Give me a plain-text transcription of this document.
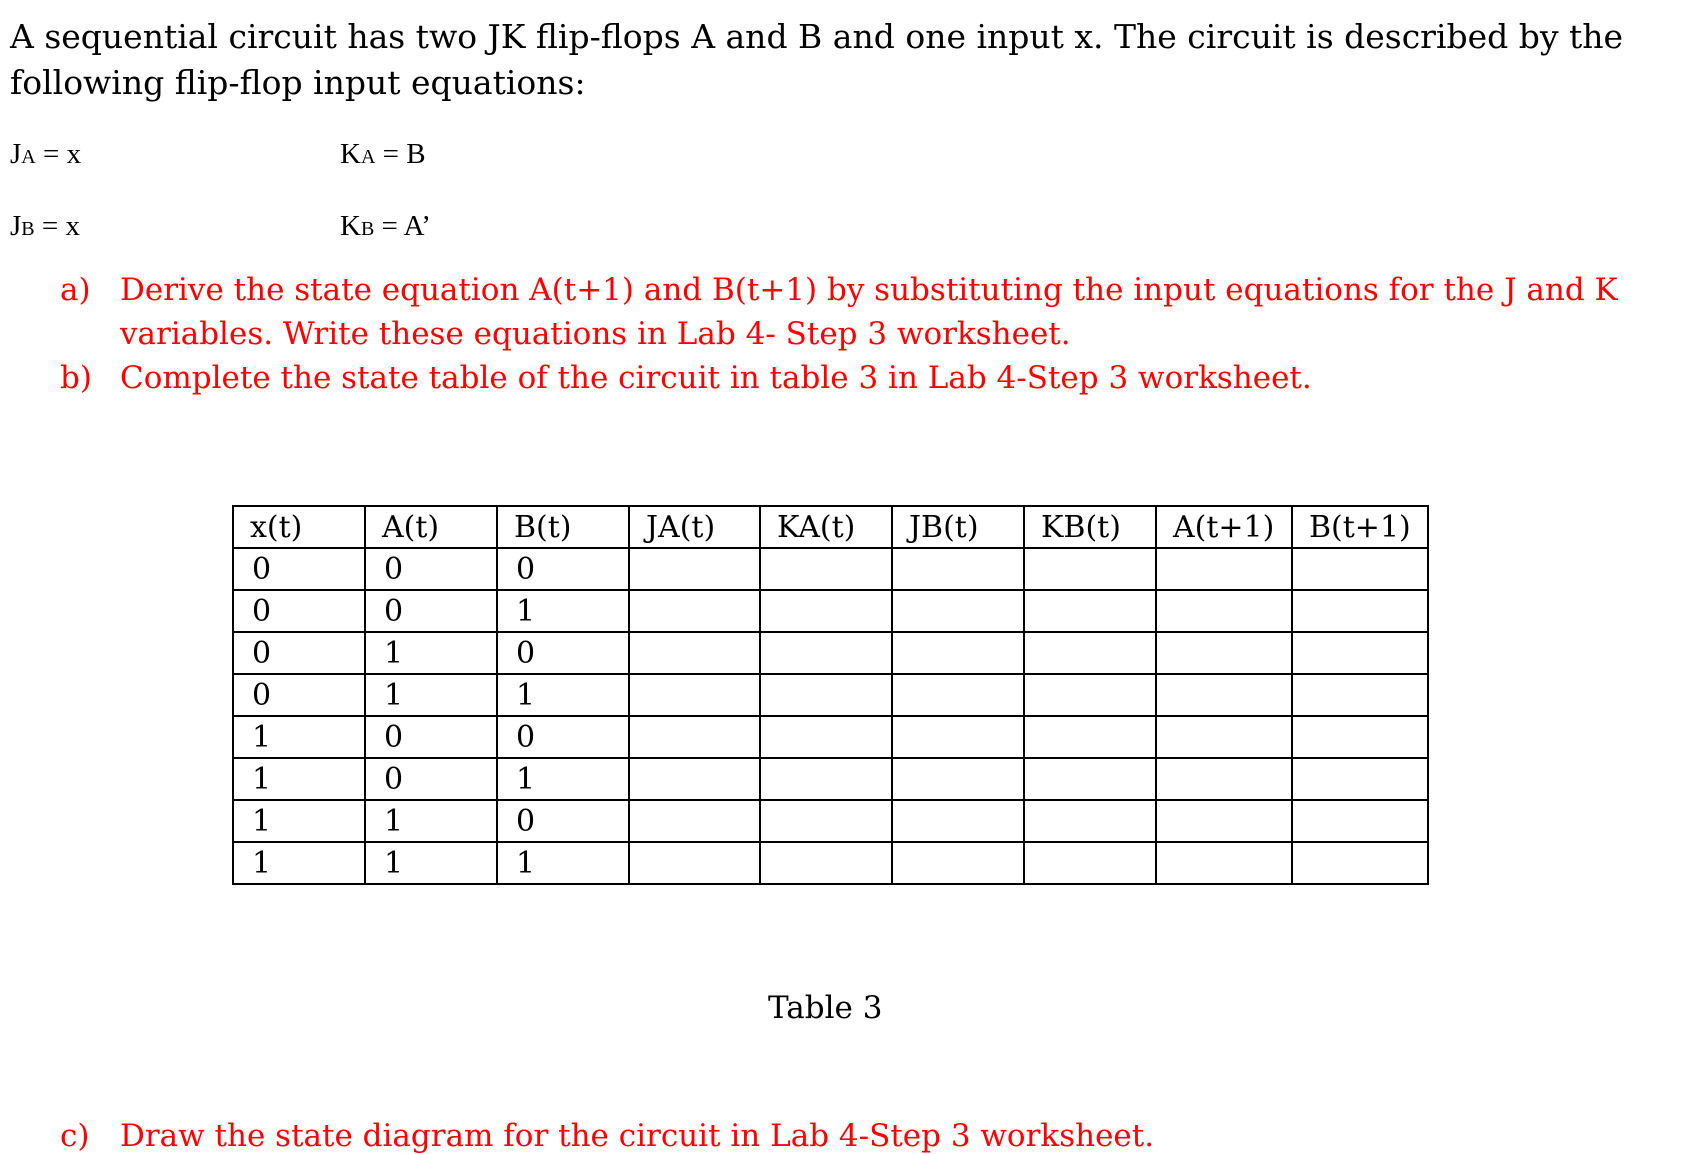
A sequential circuit has two JK flip-flops A and B and one input x. The circuit is described by the following flip-flop input equations:
JA = x	KA = B
JB = x	KB = A’
a) Derive the state equation A(t+1) and B(t+1) by substituting the input equations for the J and K variables. Write these equations in Lab 4- Step 3 worksheet.
b) Complete the state table of the circuit in table 3 in Lab 4-Step 3 worksheet.
x(t)	A(t)	B(t)	JA(t)	KA(t)	JB(t)	KB(t)	A(t+1)	B(t+1)
0	0	0						
0	0	1						
0	1	0						
0	1	1						
1	0	0						
1	0	1						
1	1	0						
1	1	1						
Table 3
c) Draw the state diagram for the circuit in Lab 4-Step 3 worksheet.
